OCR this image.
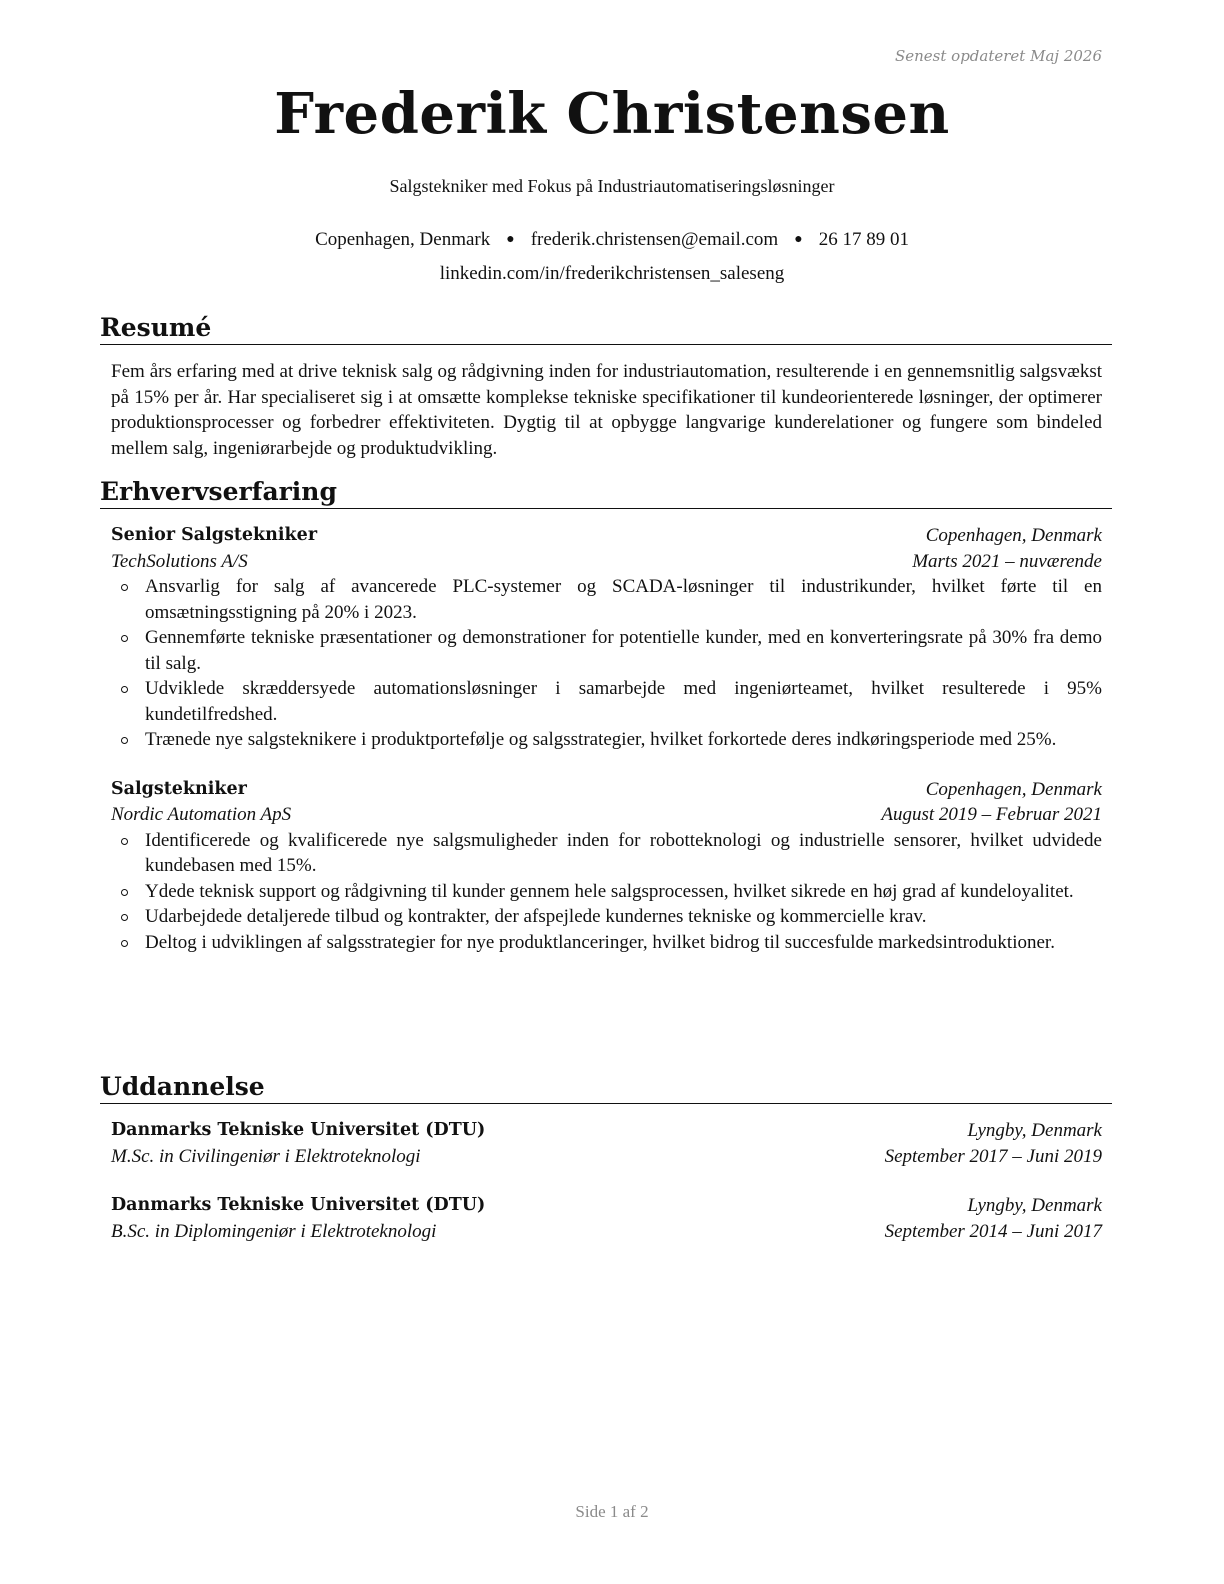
Senest opdateret Maj 2026
Frederik Christensen
Salgstekniker med Fokus på Industriautomatiseringsløsninger
Copenhagen, Denmark ● frederik.christensen@email.com ● 26 17 89 01
linkedin.com/in/frederikchristensen_saleseng
Resumé
Fem års erfaring med at drive teknisk salg og rådgivning inden for industriautomation, resulterende i en gennemsnitlig salgsvækst på 15% per år. Har specialiseret sig i at omsætte komplekse tekniske specifikationer til kundeorienterede løsninger, der optimerer produktionsprocesser og forbedrer effektiviteten. Dygtig til at opbygge langvarige kunderelationer og fungere som bindeled mellem salg, ingeniørarbejde og produktudvikling.
Erhvervserfaring
Senior Salgstekniker	Copenhagen, Denmark
TechSolutions A/S	Marts 2021 – nuværende
Ansvarlig for salg af avancerede PLC-systemer og SCADA-løsninger til industrikunder, hvilket førte til en omsætningsstigning på 20% i 2023.
Gennemførte tekniske præsentationer og demonstrationer for potentielle kunder, med en konverteringsrate på 30% fra demo til salg.
Udviklede skræddersyede automationsløsninger i samarbejde med ingeniørteamet, hvilket resulterede i 95% kundetilfredshed.
Trænede nye salgsteknikere i produktportefølje og salgsstrategier, hvilket forkortede deres indkøringsperiode med 25%.
Salgstekniker	Copenhagen, Denmark
Nordic Automation ApS	August 2019 – Februar 2021
Identificerede og kvalificerede nye salgsmuligheder inden for robotteknologi og industrielle sensorer, hvilket udvidede kundebasen med 15%.
Ydede teknisk support og rådgivning til kunder gennem hele salgsprocessen, hvilket sikrede en høj grad af kundeloyalitet.
Udarbejdede detaljerede tilbud og kontrakter, der afspejlede kundernes tekniske og kommercielle krav.
Deltog i udviklingen af salgsstrategier for nye produktlanceringer, hvilket bidrog til succesfulde markedsintroduktioner.
Uddannelse
Danmarks Tekniske Universitet (DTU)	Lyngby, Denmark
M.Sc. in Civilingeniør i Elektroteknologi	September 2017 – Juni 2019
Danmarks Tekniske Universitet (DTU)	Lyngby, Denmark
B.Sc. in Diplomingeniør i Elektroteknologi	September 2014 – Juni 2017
Side 1 af 2
